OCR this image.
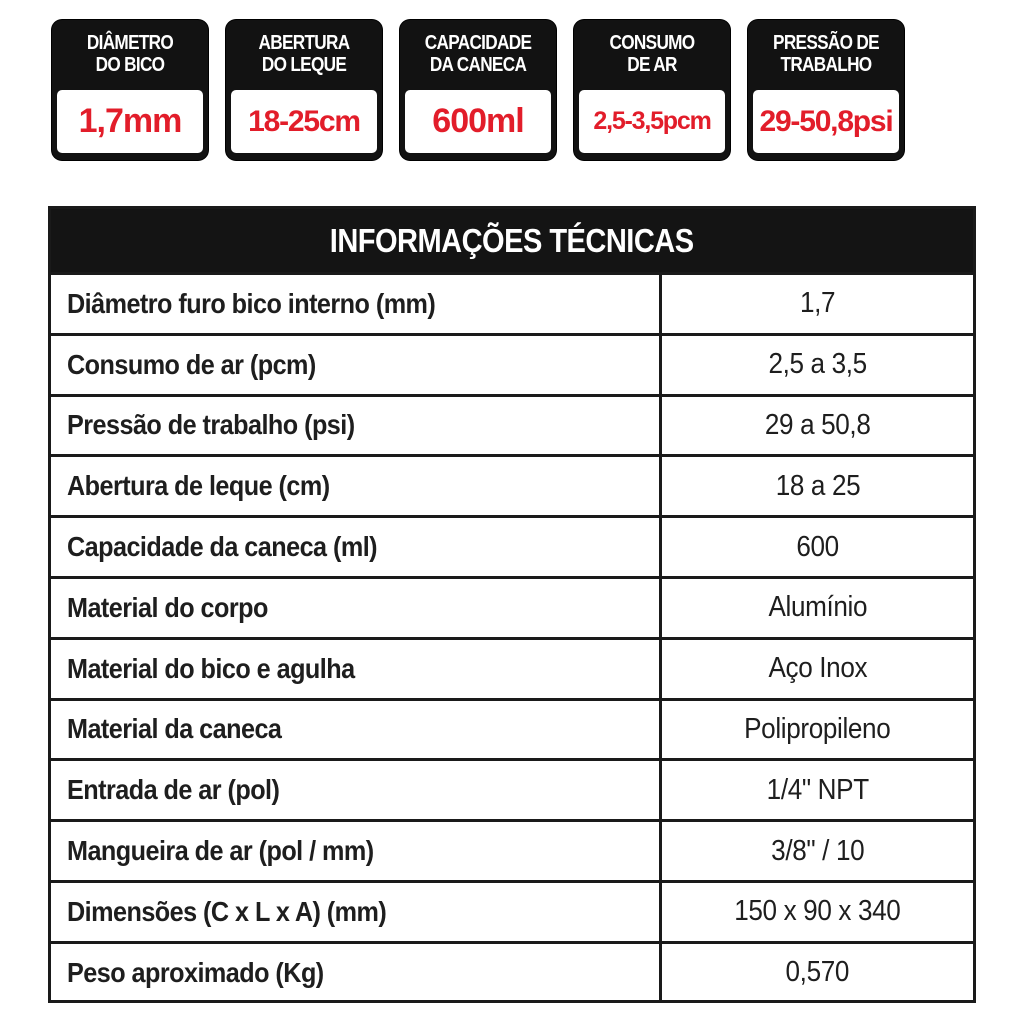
DIÂMETRO
DO BICO
1,7mm
ABERTURA
DO LEQUE
18-25cm
CAPACIDADE
DA CANECA
600ml
CONSUMO
DE AR
2,5-3,5pcm
PRESSÃO DE
TRABALHO
29-50,8psi
INFORMAÇÕES TÉCNICAS
Diâmetro furo bico interno (mm)	1,7
Consumo de ar (pcm)	2,5 a 3,5
Pressão de trabalho (psi)	29 a 50,8
Abertura de leque (cm)	18 a 25
Capacidade da caneca (ml)	600
Material do corpo	Alumínio
Material do bico e agulha	Aço Inox
Material da caneca	Polipropileno
Entrada de ar (pol)	1/4" NPT
Mangueira de ar (pol / mm)	3/8" / 10
Dimensões (C x L x A) (mm)	150 x 90 x 340
Peso aproximado (Kg)	0,570
